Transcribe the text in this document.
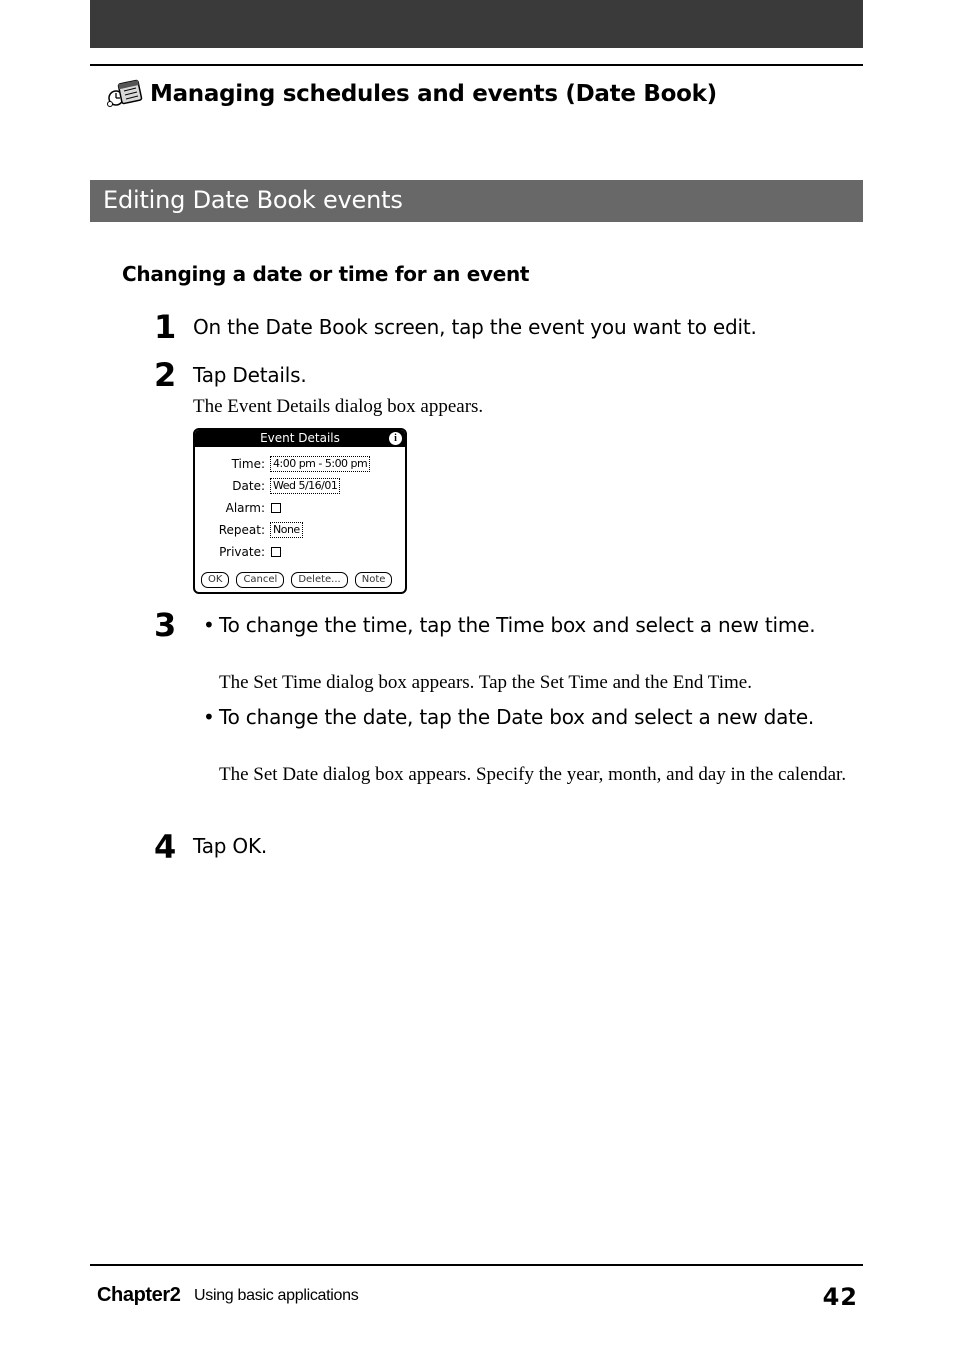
Managing schedules and events (Date Book)
Editing Date Book events
Changing a date or time for an event
1 On the Date Book screen, tap the event you want to edit.
2 Tap Details.
The Event Details dialog box appears.
Event Details	i
Time: 4:00 pm - 5:00 pm
Date: Wed 5/16/01
Alarm:
Repeat: None
Private:
OK	Cancel	Delete...	Note
3 • To change the time, tap the Time box and select a new time.
The Set Time dialog box appears. Tap the Set Time and the End Time.
• To change the date, tap the Date box and select a new date.
The Set Date dialog box appears. Specify the year, month, and day in the calendar.
4 Tap OK.
Chapter2 Using basic applications	42
